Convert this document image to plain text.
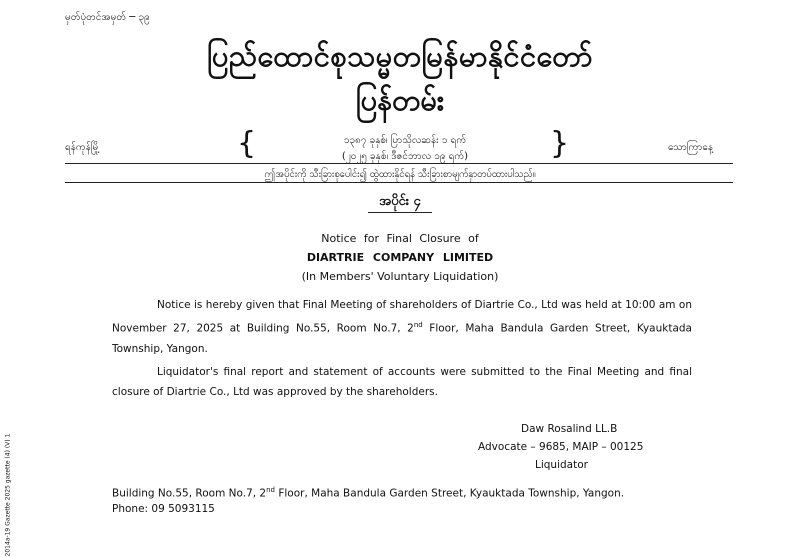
မှတ်ပုံတင်အမှတ် ─ ၃၉
ပြည်ထောင်စုသမ္မတမြန်မာနိုင်ငံတော်
ပြန်တမ်း
ရန်ကုန်မြို့	{	၁၃၈၇ ခုနှစ်၊ ပြာသိုလဆန်း ၁ ရက်
(၂၀၂၅ ခုနှစ်၊ ဒီဇင်ဘာလ ၁၉ ရက်)	}	သောကြာနေ့
ဤအပိုင်းကို သီးခြားစုပေါင်း၍ ထွဲထားနိုင်ရန် သီးခြားစာမျက်နှာတပ်ထားပါသည်။
အပိုင်း ၄
Notice for Final Closure of
DIARTRIE COMPANY LIMITED
(In Members' Voluntary Liquidation)
Notice is hereby given that Final Meeting of shareholders of Diartrie Co., Ltd was held at 10:00 am on November 27, 2025 at Building No.55, Room No.7, 2nd Floor, Maha Bandula Garden Street, Kyauktada Township, Yangon.
Liquidator's final report and statement of accounts were submitted to the Final Meeting and final closure of Diartrie Co., Ltd was approved by the shareholders.
Daw Rosalind LL.B
Advocate – 9685, MAIP – 00125
Liquidator
Building No.55, Room No.7, 2nd Floor, Maha Bandula Garden Street, Kyauktada Township, Yangon.
Phone: 09 5093115
2014a-19 Gazette 2025 gazette (4) (V) 1
